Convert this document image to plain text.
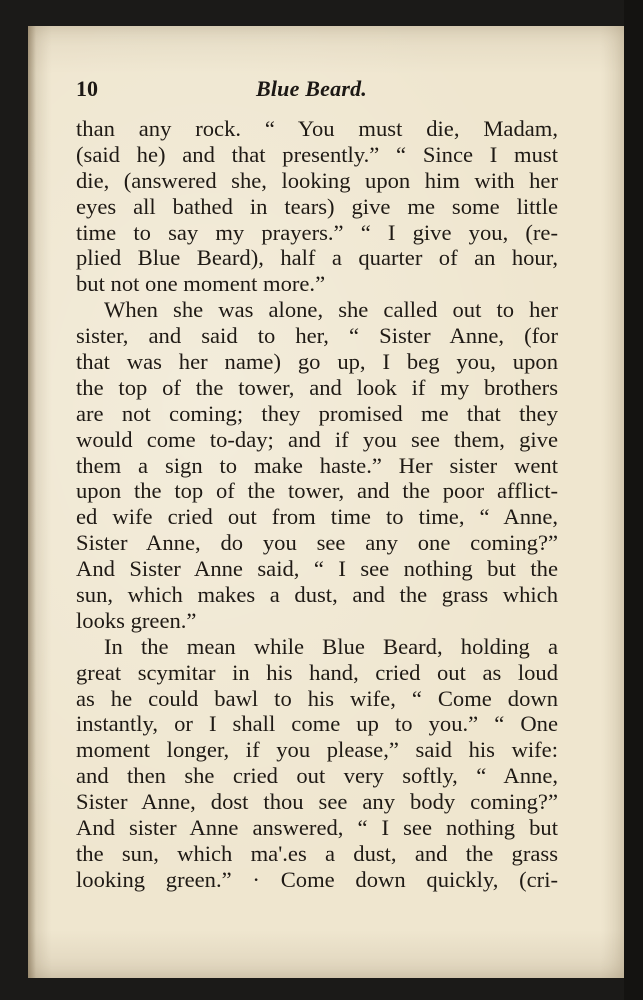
10	Blue Beard.
than any rock. “ You must die, Madam,
(said he) and that presently.” “ Since I must
die, (answered she, looking upon him with her
eyes all bathed in tears) give me some little
time to say my prayers.” “ I give you, (re-
plied Blue Beard), half a quarter of an hour,
but not one moment more.”
When she was alone, she called out to her
sister, and said to her, “ Sister Anne, (for
that was her name) go up, I beg you, upon
the top of the tower, and look if my brothers
are not coming; they promised me that they
would come to-day; and if you see them, give
them a sign to make haste.” Her sister went
upon the top of the tower, and the poor afflict-
ed wife cried out from time to time, “ Anne,
Sister Anne, do you see any one coming?”
And Sister Anne said, “ I see nothing but the
sun, which makes a dust, and the grass which
looks green.”
In the mean while Blue Beard, holding a
great scymitar in his hand, cried out as loud
as he could bawl to his wife, “ Come down
instantly, or I shall come up to you.” “ One
moment longer, if you please,” said his wife:
and then she cried out very softly, “ Anne,
Sister Anne, dost thou see any body coming?”
And sister Anne answered, “ I see nothing but
the sun, which ma'.es a dust, and the grass
looking green.” · Come down quickly, (cri-
